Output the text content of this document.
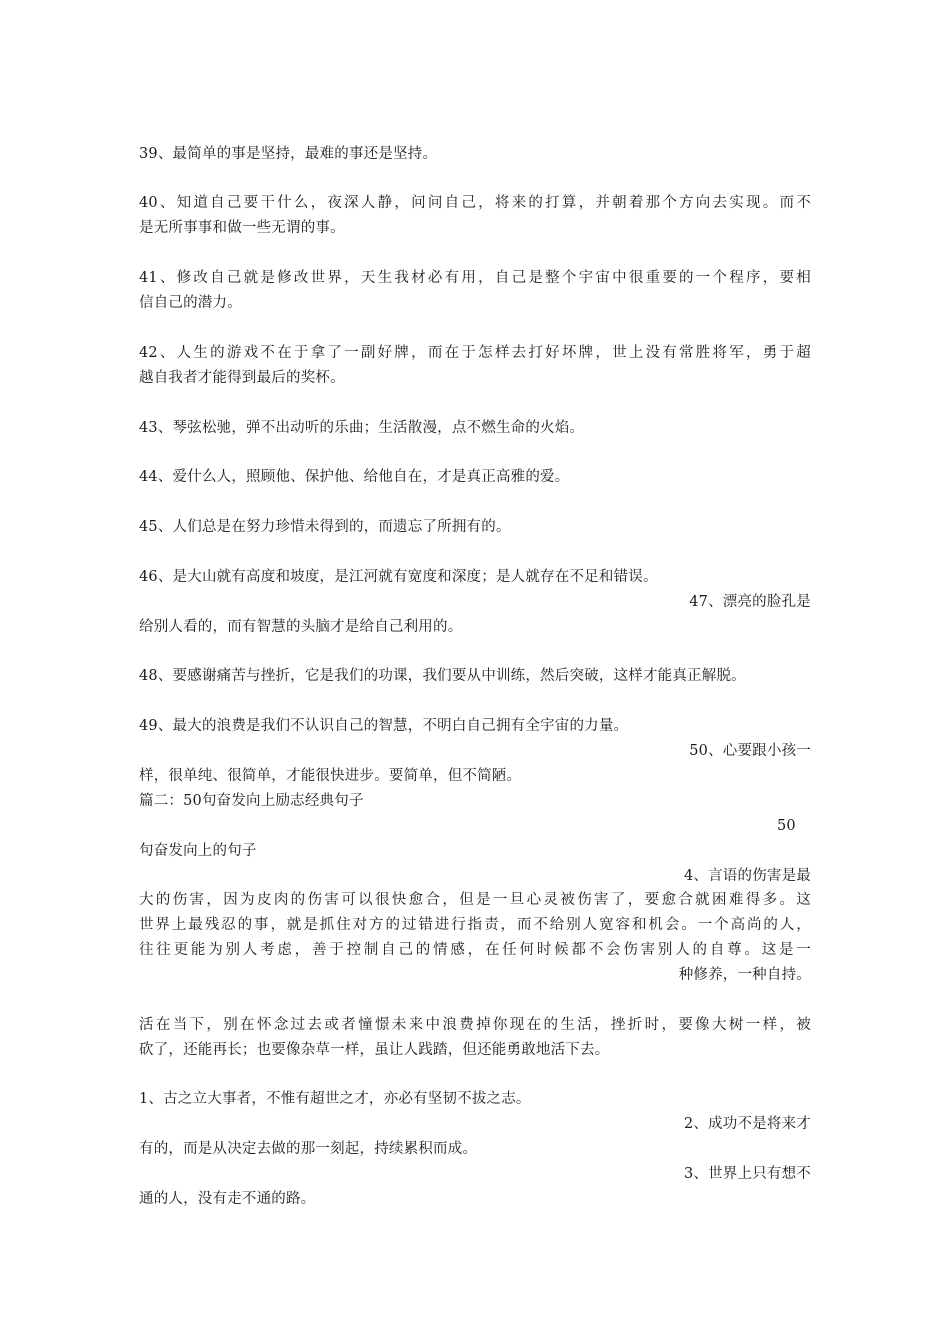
39、最简单的事是坚持，最难的事还是坚持。
40、知道自己要干什么，夜深人静，问问自己，将来的打算，并朝着那个方向去实现。而不
是无所事事和做一些无谓的事。
41、修改自己就是修改世界，天生我材必有用，自己是整个宇宙中很重要的一个程序，要相
信自己的潜力。
42、人生的游戏不在于拿了一副好牌，而在于怎样去打好坏牌，世上没有常胜将军，勇于超
越自我者才能得到最后的奖杯。
43、琴弦松驰，弹不出动听的乐曲；生活散漫，点不燃生命的火焰。
44、爱什么人，照顾他、保护他、给他自在，才是真正高雅的爱。
45、人们总是在努力珍惜未得到的，而遗忘了所拥有的。
46、是大山就有高度和坡度，是江河就有宽度和深度；是人就存在不足和错误。
47、漂亮的脸孔是
给别人看的，而有智慧的头脑才是给自己利用的。
48、要感谢痛苦与挫折，它是我们的功课，我们要从中训练，然后突破，这样才能真正解脱。
49、最大的浪费是我们不认识自己的智慧，不明白自己拥有全宇宙的力量。
50、心要跟小孩一
样，很单纯、很简单，才能很快进步。要简单，但不简陋。
篇二：50句奋发向上励志经典句子
50
句奋发向上的句子
4、言语的伤害是最
大的伤害，因为皮肉的伤害可以很快愈合，但是一旦心灵被伤害了，要愈合就困难得多。这
世界上最残忍的事，就是抓住对方的过错进行指责，而不给别人宽容和机会。一个高尚的人，
往往更能为别人考虑，善于控制自己的情感，在任何时候都不会伤害别人的自尊。这是一
种修养，一种自持。
活在当下，别在怀念过去或者憧憬未来中浪费掉你现在的生活，挫折时，要像大树一样，被
砍了，还能再长；也要像杂草一样，虽让人践踏，但还能勇敢地活下去。
1、古之立大事者，不惟有超世之才，亦必有坚韧不拔之志。
2、成功不是将来才
有的，而是从决定去做的那一刻起，持续累积而成。
3、世界上只有想不
通的人，没有走不通的路。
